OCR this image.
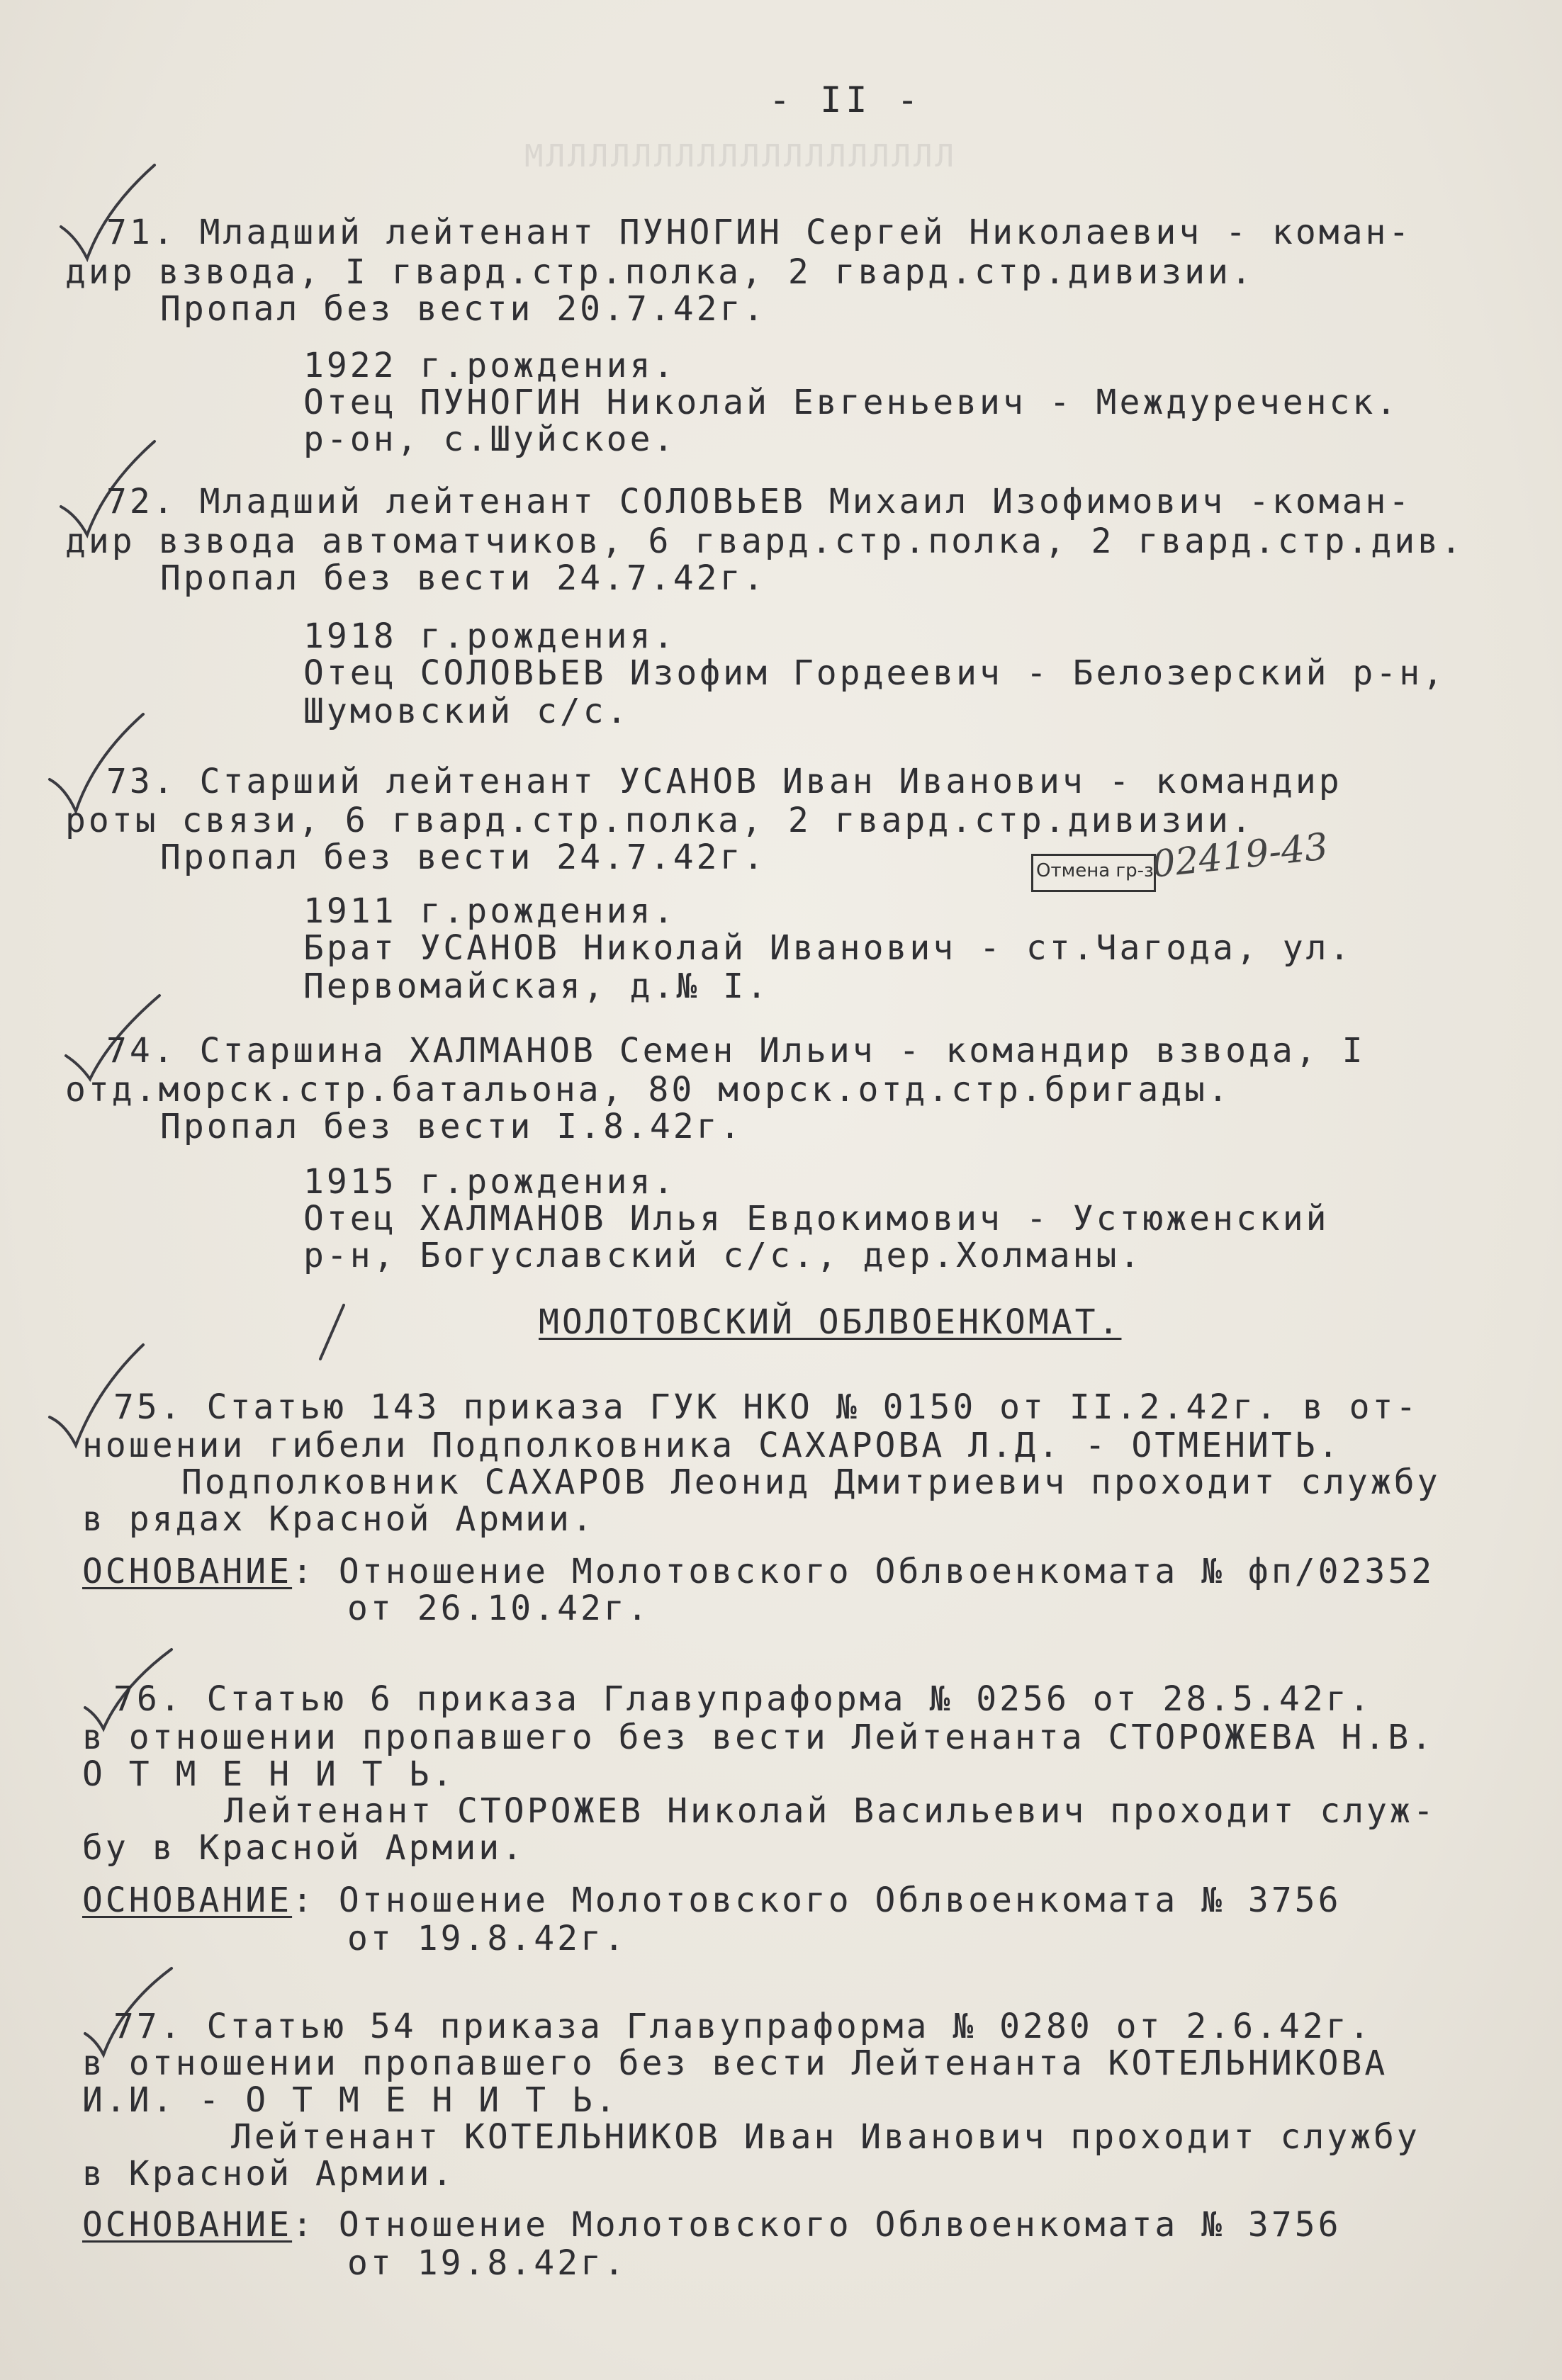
МЛЛЛЛЛЛЛЛЛЛЛЛЛЛЛЛЛЛЛ
- II -
71. Младший лейтенант ПУНОГИН Сергей Николаевич - коман-
дир взвода, I гвард.стр.полка, 2 гвард.стр.дивизии.
Пропал без вести 20.7.42г.
1922 г.рождения.
Отец ПУНОГИН Николай Евгеньевич - Междуреченск.
р-он, с.Шуйское.
72. Младший лейтенант СОЛОВЬЕВ Михаил Изофимович -коман-
дир взвода автоматчиков, 6 гвард.стр.полка, 2 гвард.стр.див.
Пропал без вести 24.7.42г.
1918 г.рождения.
Отец СОЛОВЬЕВ Изофим Гордеевич - Белозерский р-н,
Шумовский с/с.
73. Старший лейтенант УСАНОВ Иван Иванович - командир
роты связи, 6 гвард.стр.полка, 2 гвард.стр.дивизии.
Пропал без вести 24.7.42г.	Отмена гр-з
02419-43
1911 г.рождения.
Брат УСАНОВ Николай Иванович - ст.Чагода, ул.
Первомайская, д.№ I.
74. Старшина ХАЛМАНОВ Семен Ильич - командир взвода, I
отд.морск.стр.батальона, 80 морск.отд.стр.бригады.
Пропал без вести I.8.42г.
1915 г.рождения.
Отец ХАЛМАНОВ Илья Евдокимович - Устюженский
р-н, Богуславский с/с., дер.Холманы.
МОЛОТОВСКИЙ ОБЛВОЕНКОМАТ.
75. Статью 143 приказа ГУК НКО № 0150 от II.2.42г. в от-
ношении гибели Подполковника САХАРОВА Л.Д. - ОТМЕНИТЬ.
Подполковник САХАРОВ Леонид Дмитриевич проходит службу
в рядах Красной Армии.
ОСНОВАНИЕ: Отношение Молотовского Облвоенкомата № фп/02352
от 26.10.42г.
76. Статью 6 приказа Главупраформа № 0256 от 28.5.42г.
в отношении пропавшего без вести Лейтенанта СТОРОЖЕВА Н.В.
О Т М Е Н И Т Ь.
Лейтенант СТОРОЖЕВ Николай Васильевич проходит служ-
бу в Красной Армии.
ОСНОВАНИЕ: Отношение Молотовского Облвоенкомата № 3756
от 19.8.42г.
77. Статью 54 приказа Главупраформа № 0280 от 2.6.42г.
в отношении пропавшего без вести Лейтенанта КОТЕЛЬНИКОВА
И.И. - О Т М Е Н И Т Ь.
Лейтенант КОТЕЛЬНИКОВ Иван Иванович проходит службу
в Красной Армии.
ОСНОВАНИЕ: Отношение Молотовского Облвоенкомата № 3756
от 19.8.42г.
